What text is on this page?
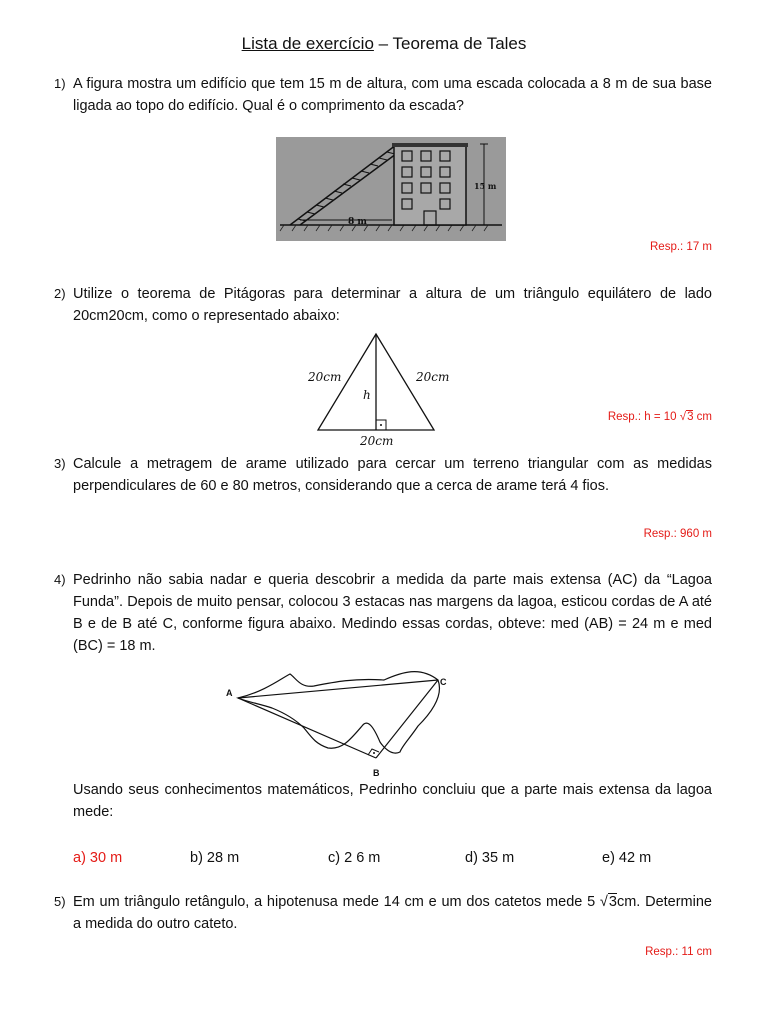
Lista de exercício – Teorema de Tales
1) A figura mostra um edifício que tem 15 m de altura, com uma escada colocada a 8 m de sua base ligada ao topo do edifício. Qual é o comprimento da escada?
8 m
15 m
Resp.: 17 m
2) Utilize o teorema de Pitágoras para determinar a altura de um triângulo equilátero de lado 20cm20cm, como o representado abaixo:
20cm	20cm
h
20cm
Resp.: h = 10 √3 cm
3) Calcule a metragem de arame utilizado para cercar um terreno triangular com as medidas perpendiculares de 60 e 80 metros, considerando que a cerca de arame terá 4 fios.
Resp.: 960 m
4) Pedrinho não sabia nadar e queria descobrir a medida da parte mais extensa (AC) da “Lagoa Funda”. Depois de muito pensar, colocou 3 estacas nas margens da lagoa, esticou cordas de A até B e de B até C, conforme figura abaixo. Medindo essas cordas, obteve: med (AB) = 24 m e med (BC) = 18 m.
A
B
C
Usando seus conhecimentos matemáticos, Pedrinho concluiu que a parte mais extensa da lagoa mede:
a) 30 m	b) 28 m	c) 2 6 m	d) 35 m	e) 42 m
5) Em um triângulo retângulo, a hipotenusa mede 14 cm e um dos catetos mede 5 √3cm. Determine a medida do outro cateto.
Resp.: 11 cm
